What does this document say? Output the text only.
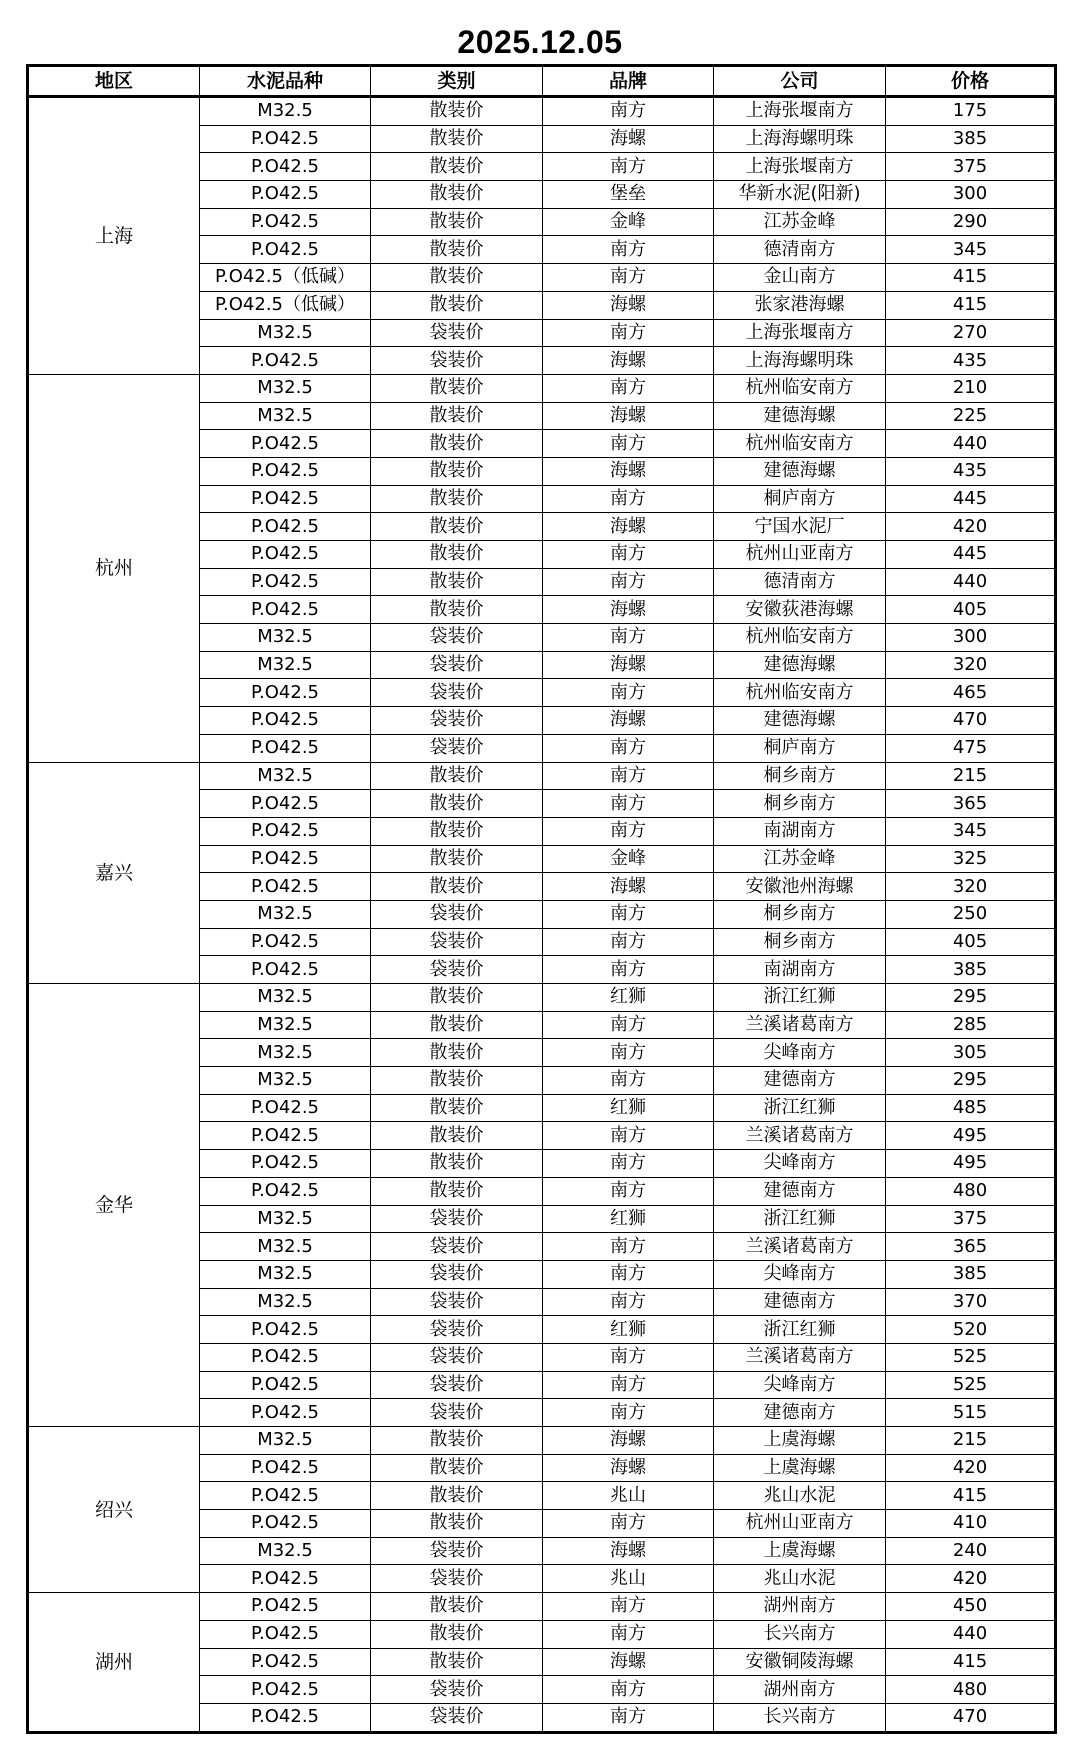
2025.12.05
地区	水泥品种	类别	品牌	公司	价格
上海	M32.5	散装价	南方	上海张堰南方	175
	P.O42.5	散装价	海螺	上海海螺明珠	385
	P.O42.5	散装价	南方	上海张堰南方	375
	P.O42.5	散装价	堡垒	华新水泥(阳新)	300
	P.O42.5	散装价	金峰	江苏金峰	290
	P.O42.5	散装价	南方	德清南方	345
	P.O42.5（低碱）	散装价	南方	金山南方	415
	P.O42.5（低碱）	散装价	海螺	张家港海螺	415
	M32.5	袋装价	南方	上海张堰南方	270
	P.O42.5	袋装价	海螺	上海海螺明珠	435
杭州	M32.5	散装价	南方	杭州临安南方	210
	M32.5	散装价	海螺	建德海螺	225
	P.O42.5	散装价	南方	杭州临安南方	440
	P.O42.5	散装价	海螺	建德海螺	435
	P.O42.5	散装价	南方	桐庐南方	445
	P.O42.5	散装价	海螺	宁国水泥厂	420
	P.O42.5	散装价	南方	杭州山亚南方	445
	P.O42.5	散装价	南方	德清南方	440
	P.O42.5	散装价	海螺	安徽荻港海螺	405
	M32.5	袋装价	南方	杭州临安南方	300
	M32.5	袋装价	海螺	建德海螺	320
	P.O42.5	袋装价	南方	杭州临安南方	465
	P.O42.5	袋装价	海螺	建德海螺	470
	P.O42.5	袋装价	南方	桐庐南方	475
嘉兴	M32.5	散装价	南方	桐乡南方	215
	P.O42.5	散装价	南方	桐乡南方	365
	P.O42.5	散装价	南方	南湖南方	345
	P.O42.5	散装价	金峰	江苏金峰	325
	P.O42.5	散装价	海螺	安徽池州海螺	320
	M32.5	袋装价	南方	桐乡南方	250
	P.O42.5	袋装价	南方	桐乡南方	405
	P.O42.5	袋装价	南方	南湖南方	385
金华	M32.5	散装价	红狮	浙江红狮	295
	M32.5	散装价	南方	兰溪诸葛南方	285
	M32.5	散装价	南方	尖峰南方	305
	M32.5	散装价	南方	建德南方	295
	P.O42.5	散装价	红狮	浙江红狮	485
	P.O42.5	散装价	南方	兰溪诸葛南方	495
	P.O42.5	散装价	南方	尖峰南方	495
	P.O42.5	散装价	南方	建德南方	480
	M32.5	袋装价	红狮	浙江红狮	375
	M32.5	袋装价	南方	兰溪诸葛南方	365
	M32.5	袋装价	南方	尖峰南方	385
	M32.5	袋装价	南方	建德南方	370
	P.O42.5	袋装价	红狮	浙江红狮	520
	P.O42.5	袋装价	南方	兰溪诸葛南方	525
	P.O42.5	袋装价	南方	尖峰南方	525
	P.O42.5	袋装价	南方	建德南方	515
绍兴	M32.5	散装价	海螺	上虞海螺	215
	P.O42.5	散装价	海螺	上虞海螺	420
	P.O42.5	散装价	兆山	兆山水泥	415
	P.O42.5	散装价	南方	杭州山亚南方	410
	M32.5	袋装价	海螺	上虞海螺	240
	P.O42.5	袋装价	兆山	兆山水泥	420
湖州	P.O42.5	散装价	南方	湖州南方	450
	P.O42.5	散装价	南方	长兴南方	440
	P.O42.5	散装价	海螺	安徽铜陵海螺	415
	P.O42.5	袋装价	南方	湖州南方	480
	P.O42.5	袋装价	南方	长兴南方	470
